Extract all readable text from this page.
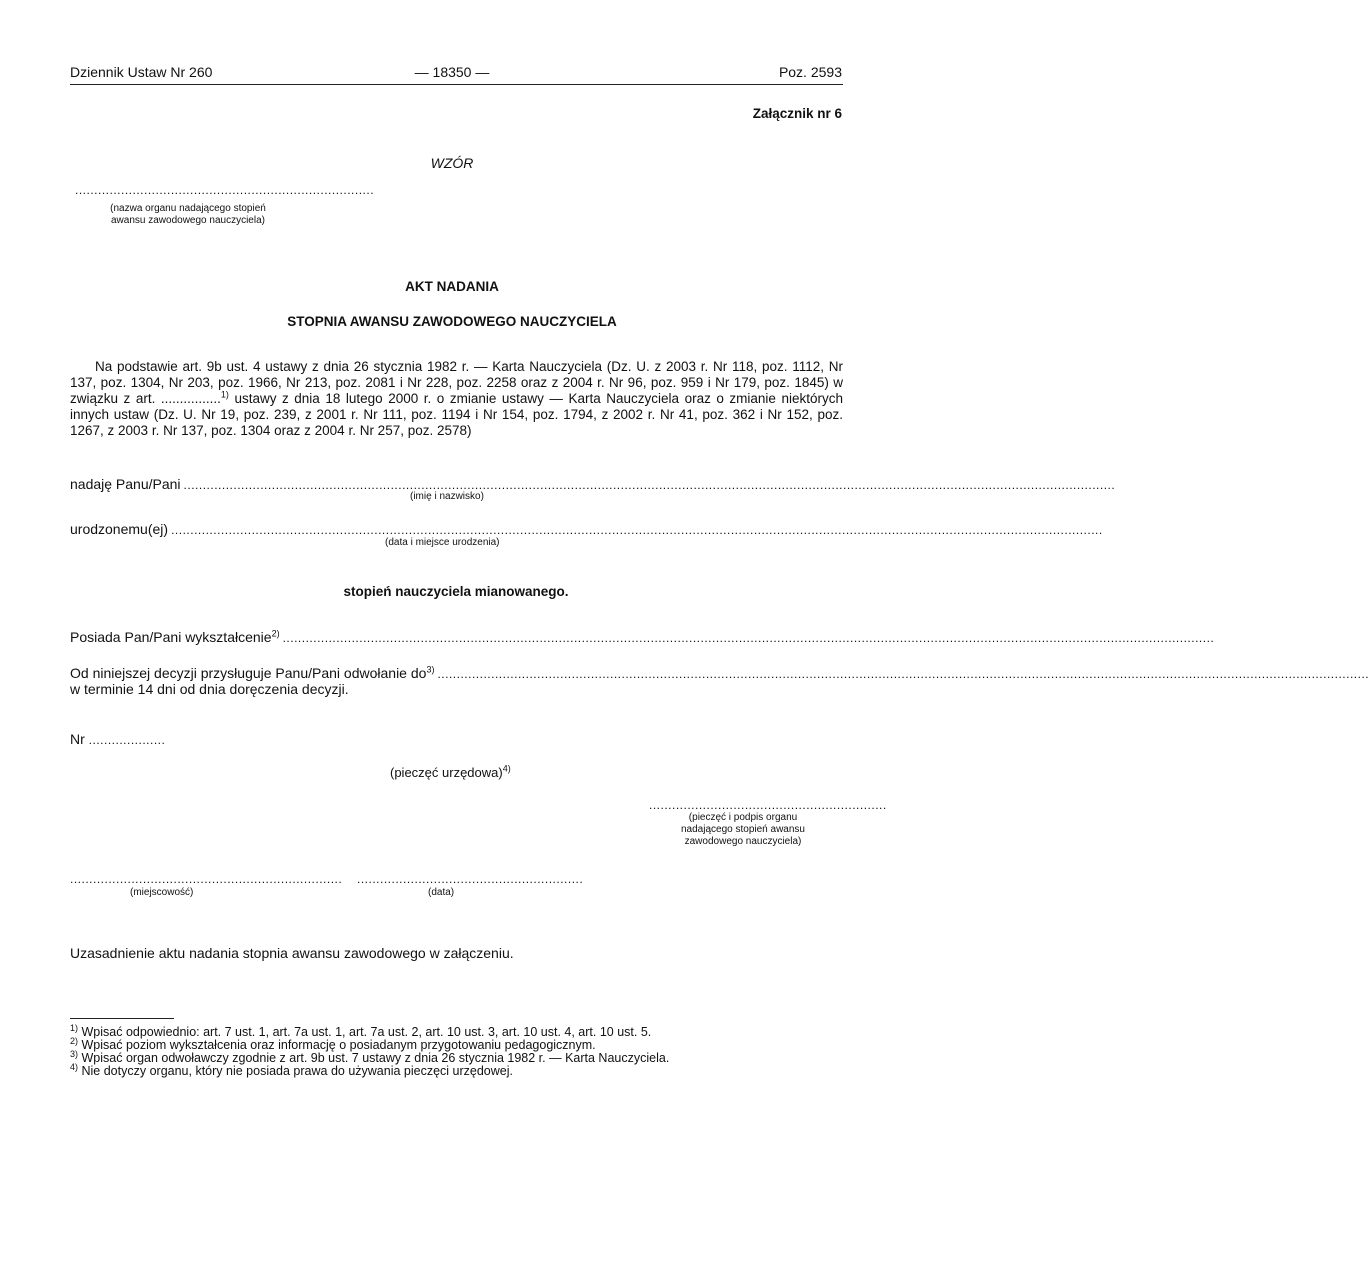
Dziennik Ustaw Nr 260	— 18350 —	Poz. 2593
Załącznik nr 6
WZÓR
..............................................................................
(nazwa organu nadającego stopień
awansu zawodowego nauczyciela)
AKT NADANIA
STOPNIA AWANSU ZAWODOWEGO NAUCZYCIELA
Na podstawie art. 9b ust. 4 ustawy z dnia 26 stycznia 1982 r. — Karta Nauczyciela (Dz. U. z 2003 r. Nr 118, poz. 1112, Nr 137, poz. 1304, Nr 203, poz. 1966, Nr 213, poz. 2081 i Nr 228, poz. 2258 oraz z 2004 r. Nr 96, poz. 959 i Nr 179, poz. 1845) w związku z art. ................$^{1)}$ ustawy z dnia 18 lutego 2000 r. o zmianie ustawy — Karta Nauczyciela oraz o zmianie niektórych innych ustaw (Dz. U. Nr 19, poz. 239, z 2001 r. Nr 111, poz. 1194 i Nr 154, poz. 1794, z 2002 r. Nr 41, poz. 362 i Nr 152, poz. 1267, z 2003 r. Nr 137, poz. 1304 oraz z 2004 r. Nr 257, poz. 2578)
nadaję Panu/Pani ...................................................................................................................................................................................................................................................
(imię i nazwisko)
urodzonemu(ej) ...................................................................................................................................................................................................................................................
(data i miejsce urodzenia)
stopień nauczyciela mianowanego.
Posiada Pan/Pani wykształcenie$^{2)}$ ...................................................................................................................................................................................................................................................
Od niniejszej decyzji przysługuje Panu/Pani odwołanie $do^{3)}$ ...................................................................................................................................................................................................................................................
w terminie 14 dni od dnia doręczenia decyzji.
Nr ....................
(pieczęć urzędowa)$^{4)}$
..............................................................
(pieczęć i podpis organu
nadającego stopień awansu
zawodowego nauczyciela)
.......................................................................
(miejscowość)
...........................................................
(data)
Uzasadnienie aktu nadania stopnia awansu zawodowego w załączeniu.
$^{1)}$ Wpisać odpowiednio: art. 7 ust. 1, art. 7a ust. 1, art. 7a ust. 2, art. 10 ust. 3, art. 10 ust. 4, art. 10 ust. 5.
$^{2)}$ Wpisać poziom wykształcenia oraz informację o posiadanym przygotowaniu pedagogicznym.
$^{3)}$ Wpisać organ odwoławczy zgodnie z art. 9b ust. 7 ustawy z dnia 26 stycznia 1982 r. — Karta Nauczyciela.
$^{4)}$ Nie dotyczy organu, który nie posiada prawa do używania pieczęci urzędowej.
